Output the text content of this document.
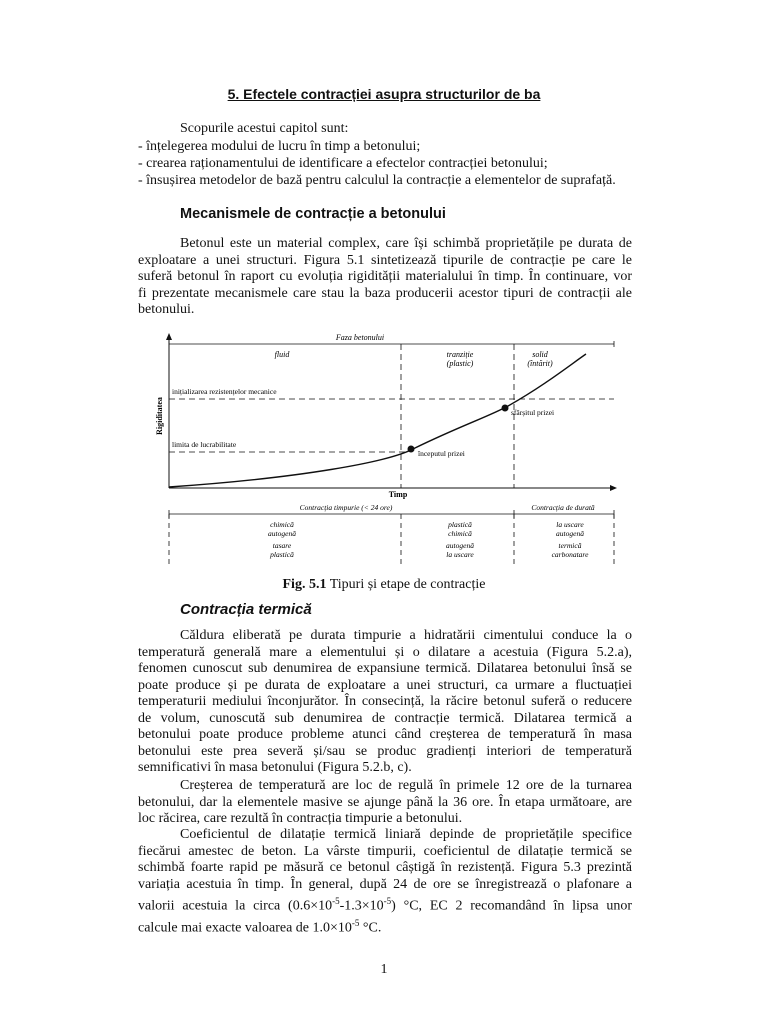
5. Efectele contracției asupra structurilor de ba
Scopurile acestui capitol sunt:
- înțelegerea modului de lucru în timp a betonului;
- crearea raționamentului de identificare a efectelor contracției betonului;
- însușirea metodelor de bază pentru calculul la contracție a elementelor de suprafață.
Mecanismele de contracție a betonului
Betonul este un material complex, care își schimbă proprietățile pe durata de
exploatare a unei structuri. Figura 5.1 sintetizează tipurile de contracție pe care le
suferă betonul în raport cu evoluția rigidității materialului în timp. În continuare, vor
fi prezentate mecanismele care stau la baza producerii acestor tipuri de contracții ale
betonului.
Faza betonului
fluid	tranziție
(plastic)
solid
(întărit)
inițializarea rezistențelor mecanice
limita de lucrabilitate
Rigiditatea
începutul prizei
sfârșitul prizei
Timp
Contracția timpurie (< 24 ore)	Contracția de durată
chimică
autogenă
tasare
plastică
plastică
chimică
autogenă
la uscare
la uscare
autogenă
termică
carbonatare
Fig. 5.1 Tipuri și etape de contracție
Contracția termică
Căldura eliberată pe durata timpurie a hidratării cimentului conduce la o
temperatură generală mare a elementului și o dilatare a acestuia (Figura 5.2.a),
fenomen cunoscut sub denumirea de expansiune termică. Dilatarea betonului însă se
poate produce și pe durata de exploatare a unei structuri, ca urmare a fluctuației
temperaturii mediului înconjurător. În consecință, la răcire betonul suferă o reducere
de volum, cunoscută sub denumirea de contracție termică. Dilatarea termică a
betonului poate produce probleme atunci când creșterea de temperatură în masa
betonului este prea severă și/sau se produc gradienți interiori de temperatură
semnificativi în masa betonului (Figura 5.2.b, c).
Creșterea de temperatură are loc de regulă în primele 12 ore de la turnarea
betonului, dar la elementele masive se ajunge până la 36 ore. În etapa următoare, are
loc răcirea, care rezultă în contracția timpurie a betonului.
Coeficientul de dilatație termică liniară depinde de proprietățile specifice
fiecărui amestec de beton. La vârste timpurii, coeficientul de dilatație termică se
schimbă foarte rapid pe măsură ce betonul câștigă în rezistență. Figura 5.3 prezintă
variația acestuia în timp. În general, după 24 de ore se înregistrează o plafonare a
valorii acestuia la circa $(0.6\times 10^{-5}-1.3\times 10^{-5})$ °C, EC 2 recomandând în lipsa unor
calcule mai exacte valoarea de $1.0\times 10^{-5}$ °C.
1
